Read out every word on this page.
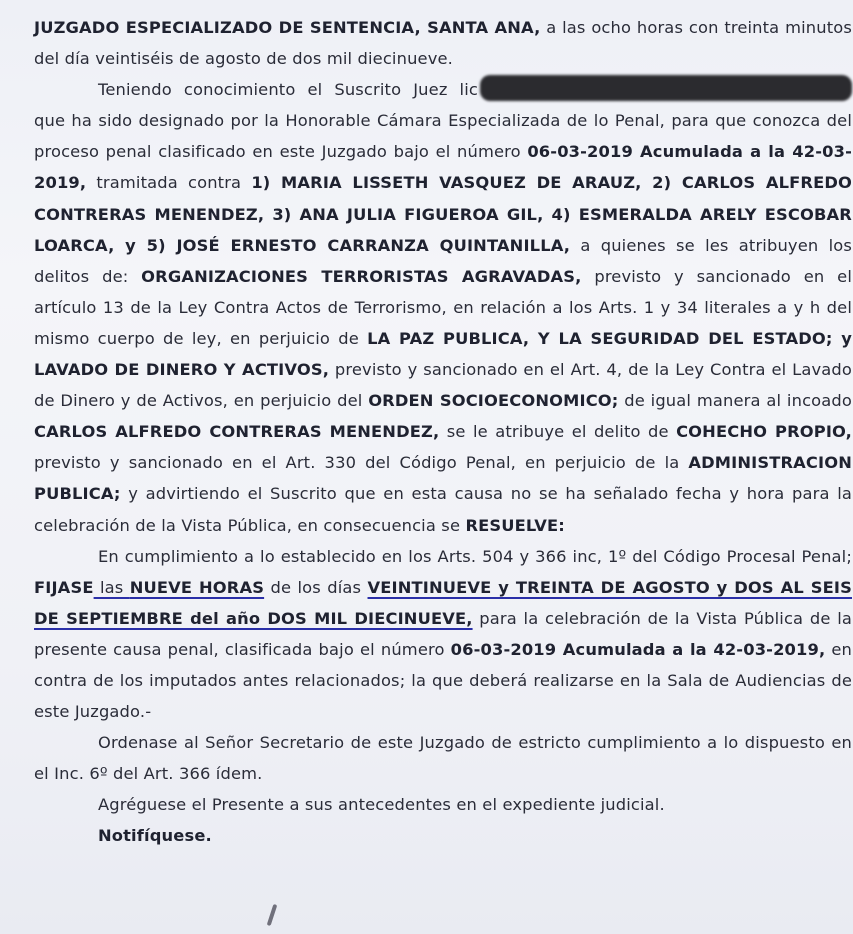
JUZGADO ESPECIALIZADO DE SENTENCIA, SANTA ANA, a las ocho horas con treinta minutos del día veintiséis de agosto de dos mil diecinueve.

Teniendo conocimiento el Suscrito Juez lic que ha sido designado por la Honorable Cámara Especializada de lo Penal, para que conozca del proceso penal clasificado en este Juzgado bajo el número 06-03-2019 Acumulada a la 42-03-2019, tramitada contra 1) MARIA LISSETH VASQUEZ DE ARAUZ, 2) CARLOS ALFREDO CONTRERAS MENENDEZ, 3) ANA JULIA FIGUEROA GIL, 4) ESMERALDA ARELY ESCOBAR LOARCA, y 5) JOSÉ ERNESTO CARRANZA QUINTANILLA, a quienes se les atribuyen los delitos de: ORGANIZACIONES TERRORISTAS AGRAVADAS, previsto y sancionado en el artículo 13 de la Ley Contra Actos de Terrorismo, en relación a los Arts. 1 y 34 literales a y h del mismo cuerpo de ley, en perjuicio de LA PAZ PUBLICA, Y LA SEGURIDAD DEL ESTADO; y LAVADO DE DINERO Y ACTIVOS, previsto y sancionado en el Art. 4, de la Ley Contra el Lavado de Dinero y de Activos, en perjuicio del ORDEN SOCIOECONOMICO; de igual manera al incoado CARLOS ALFREDO CONTRERAS MENENDEZ, se le atribuye el delito de COHECHO PROPIO, previsto y sancionado en el Art. 330 del Código Penal, en perjuicio de la ADMINISTRACION PUBLICA; y advirtiendo el Suscrito que en esta causa no se ha señalado fecha y hora para la celebración de la Vista Pública, en consecuencia se RESUELVE:

En cumplimiento a lo establecido en los Arts. 504 y 366 inc, 1º del Código Procesal Penal; FIJASE las NUEVE HORAS de los días VEINTINUEVE y TREINTA DE AGOSTO y DOS AL SEIS DE SEPTIEMBRE del año DOS MIL DIECINUEVE, para la celebración de la Vista Pública de la presente causa penal, clasificada bajo el número 06-03-2019 Acumulada a la 42-03-2019, en contra de los imputados antes relacionados; la que deberá realizarse en la Sala de Audiencias de este Juzgado.-

Ordenase al Señor Secretario de este Juzgado de estricto cumplimiento a lo dispuesto en el Inc. 6º del Art. 366 ídem.

Agréguese el Presente a sus antecedentes en el expediente judicial.

Notifíquese.
